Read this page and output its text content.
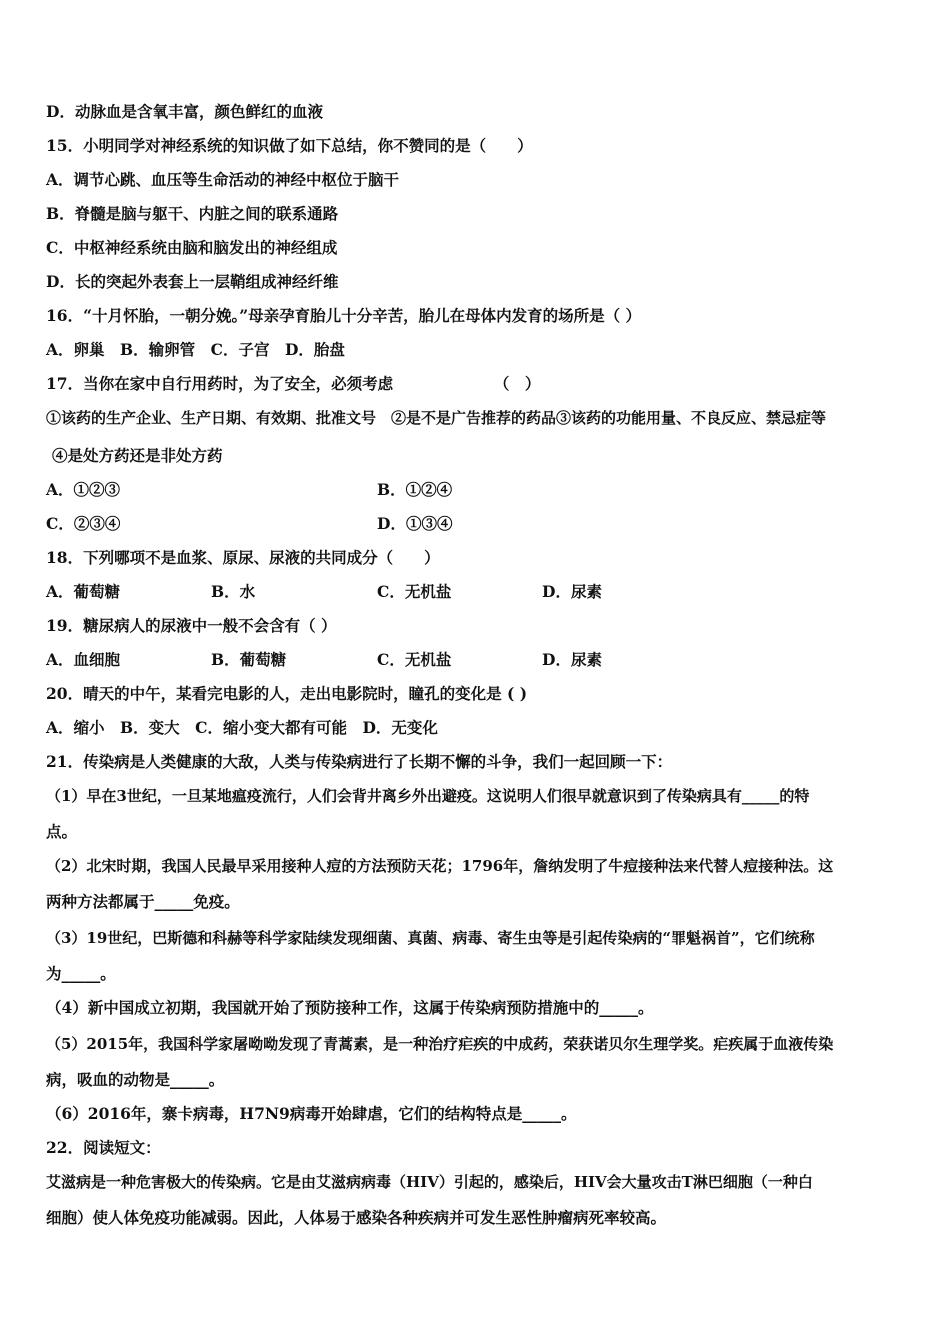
D．动脉血是含氧丰富，颜色鲜红的血液
15．小明同学对神经系统的知识做了如下总结，你不赞同的是（　　）
A．调节心跳、血压等生命活动的神经中枢位于脑干
B．脊髓是脑与躯干、内脏之间的联系通路
C．中枢神经系统由脑和脑发出的神经组成
D．长的突起外表套上一层鞘组成神经纤维
16．“十月怀胎，一朝分娩。”母亲孕育胎儿十分辛苦，胎儿在母体内发育的场所是（ ）
A．卵巢　B．输卵管　C．子宫　D．胎盘
17．当你在家中自行用药时，为了安全，必须考虑　　　　　　　（　）
①该药的生产企业、生产日期、有效期、批准文号　②是不是广告推荐的药品③该药的功能用量、不良反应、禁忌症等
④是处方药还是非处方药
A．①②③	B．①②④
C．②③④	D．①③④
18．下列哪项不是血浆、原尿、尿液的共同成分（　　）
A．葡萄糖	B．水	C．无机盐	D．尿素
19．糖尿病人的尿液中一般不会含有（ ）
A．血细胞	B．葡萄糖	C．无机盐	D．尿素
20．晴天的中午，某看完电影的人，走出电影院时，瞳孔的变化是 ( )
A．缩小　B．变大　C．缩小变大都有可能　D．无变化
21．传染病是人类健康的大敌，人类与传染病进行了长期不懈的斗争，我们一起回顾一下：
（1）早在3世纪，一旦某地瘟疫流行，人们会背井离乡外出避疫。这说明人们很早就意识到了传染病具有_____的特
点。
（2）北宋时期，我国人民最早采用接种人痘的方法预防天花；1796年，詹纳发明了牛痘接种法来代替人痘接种法。这
两种方法都属于_____免疫。
（3）19世纪，巴斯德和科赫等科学家陆续发现细菌、真菌、病毒、寄生虫等是引起传染病的“罪魁祸首”，它们统称
为_____。
（4）新中国成立初期，我国就开始了预防接种工作，这属于传染病预防措施中的_____。
（5）2015年，我国科学家屠呦呦发现了青蒿素，是一种治疗疟疾的中成药，荣获诺贝尔生理学奖。疟疾属于血液传染
病，吸血的动物是_____。
（6）2016年，寨卡病毒，H7N9病毒开始肆虐，它们的结构特点是_____。
22．阅读短文：
艾滋病是一种危害极大的传染病。它是由艾滋病病毒（HIV）引起的，感染后，HIV会大量攻击T淋巴细胞（一种白
细胞）使人体免疫功能减弱。因此，人体易于感染各种疾病并可发生恶性肿瘤病死率较高。
